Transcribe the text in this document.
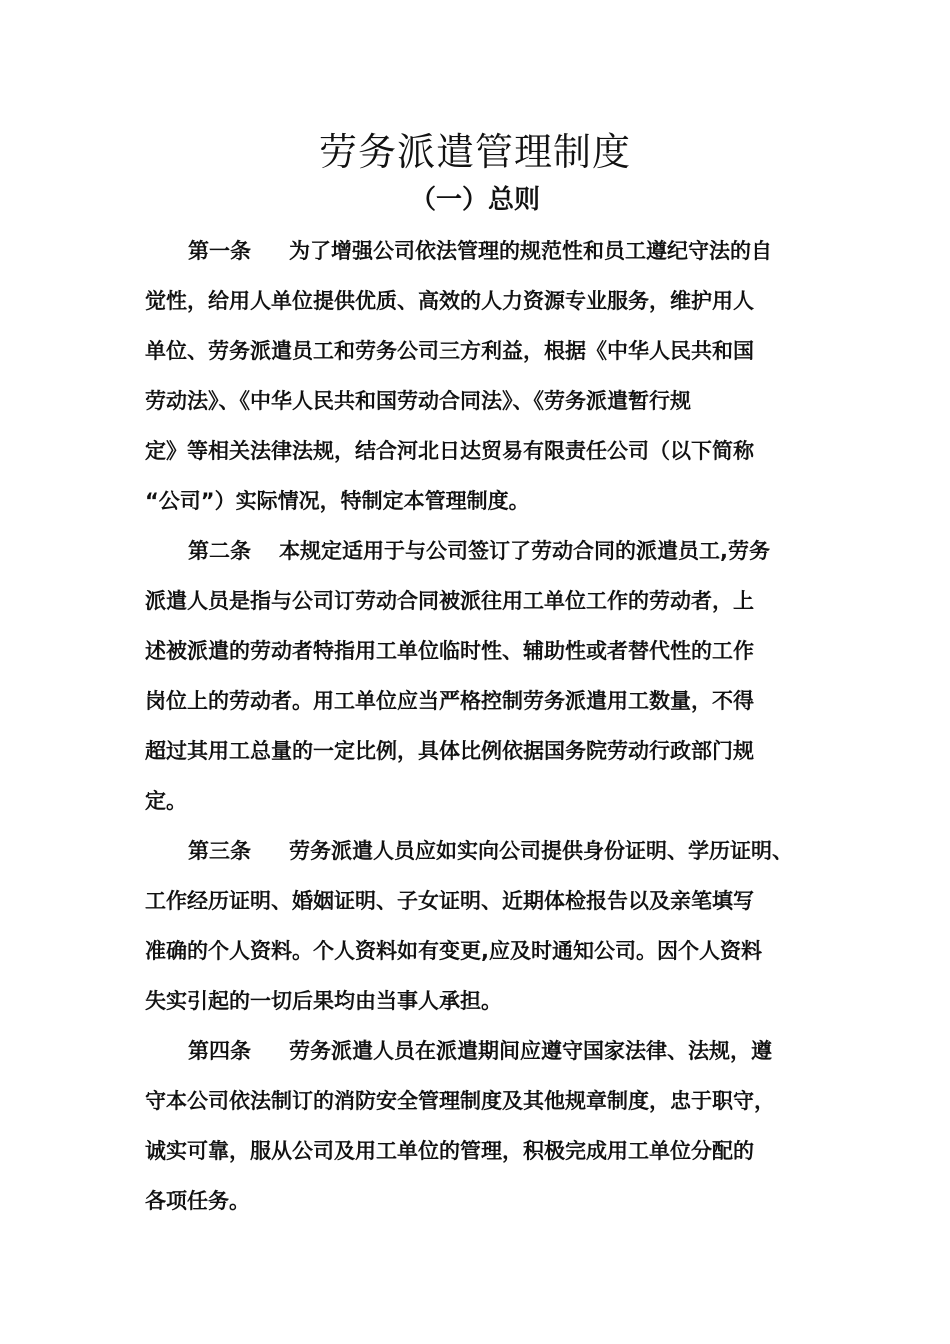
劳务派遣管理制度
（一）总则
第一条 为了增强公司依法管理的规范性和员工遵纪守法的自
觉性，给用人单位提供优质、高效的人力资源专业服务，维护用人
单位、劳务派遣员工和劳务公司三方利益，根据《中华人民共和国
劳动法》、《中华人民共和国劳动合同法》、《劳务派遣暂行规
定》等相关法律法规，结合河北日达贸易有限责任公司（以下简称
“公司”）实际情况，特制定本管理制度。
第二条 本规定适用于与公司签订了劳动合同的派遣员工,劳务
派遣人员是指与公司订劳动合同被派往用工单位工作的劳动者，上
述被派遣的劳动者特指用工单位临时性、辅助性或者替代性的工作
岗位上的劳动者。用工单位应当严格控制劳务派遣用工数量，不得
超过其用工总量的一定比例，具体比例依据国务院劳动行政部门规
定。
第三条 劳务派遣人员应如实向公司提供身份证明、学历证明、
工作经历证明、婚姻证明、子女证明、近期体检报告以及亲笔填写
准确的个人资料。个人资料如有变更,应及时通知公司。因个人资料
失实引起的一切后果均由当事人承担。
第四条 劳务派遣人员在派遣期间应遵守国家法律、法规，遵
守本公司依法制订的消防安全管理制度及其他规章制度，忠于职守，
诚实可靠，服从公司及用工单位的管理，积极完成用工单位分配的
各项任务。
